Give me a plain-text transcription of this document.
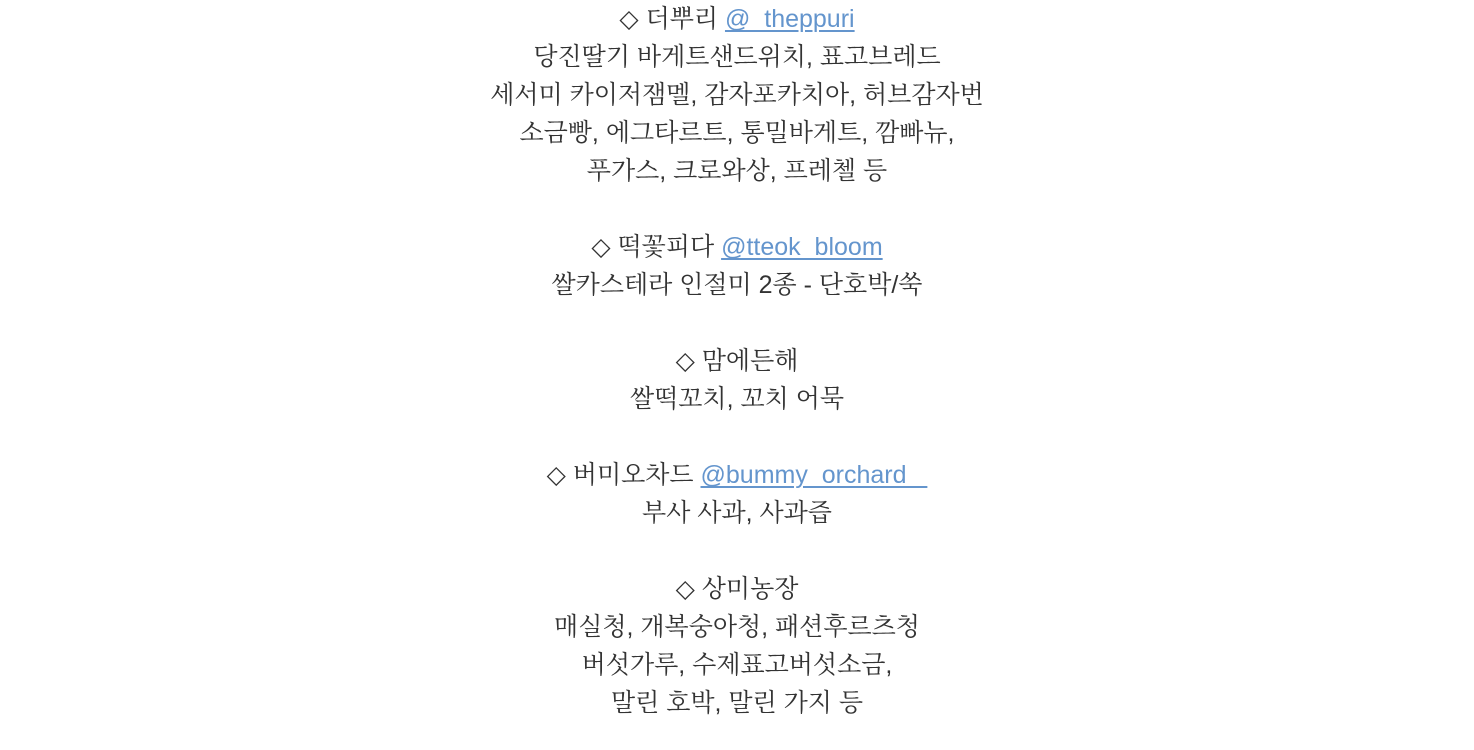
◇ 더뿌리 @_theppuri
당진딸기 바게트샌드위치, 표고브레드
세서미 카이저잼멜, 감자포카치아, 허브감자번
소금빵, 에그타르트, 통밀바게트, 깜빠뉴,
푸가스, 크로와상, 프레첼 등
◇ 떡꽃피다 @tteok_bloom
쌀카스테라 인절미 2종 - 단호박/쑥
◇ 맘에든해
쌀떡꼬치, 꼬치 어묵
◇ 버미오차드 @bummy_orchard_
부사 사과, 사과즙
◇ 상미농장
매실청, 개복숭아청, 패션후르츠청
버섯가루, 수제표고버섯소금,
말린 호박, 말린 가지 등
